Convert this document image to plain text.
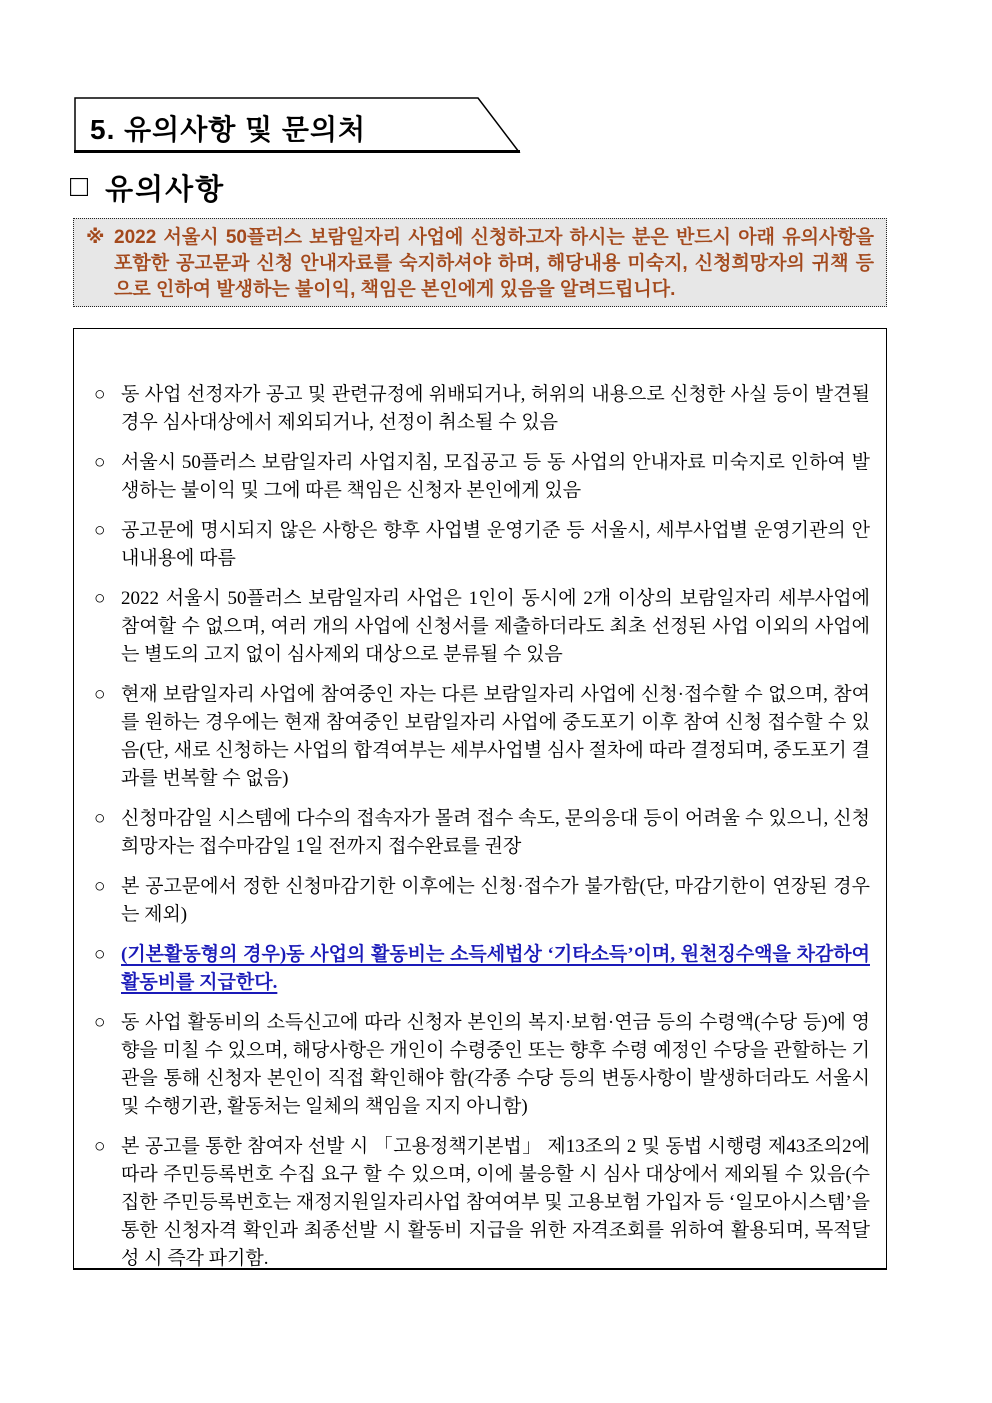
5. 유의사항 및 문의처
□ 유의사항
※ 2022 서울시 50플러스 보람일자리 사업에 신청하고자 하시는 분은 반드시 아래 유의사항을 포함한 공고문과 신청 안내자료를 숙지하셔야 하며, 해당내용 미숙지, 신청희망자의 귀책 등으로 인하여 발생하는 불이익, 책임은 본인에게 있음을 알려드립니다.
○ 동 사업 선정자가 공고 및 관련규정에 위배되거나, 허위의 내용으로 신청한 사실 등이 발견될 경우 심사대상에서 제외되거나, 선정이 취소될 수 있음
○ 서울시 50플러스 보람일자리 사업지침, 모집공고 등 동 사업의 안내자료 미숙지로 인하여 발생하는 불이익 및 그에 따른 책임은 신청자 본인에게 있음
○ 공고문에 명시되지 않은 사항은 향후 사업별 운영기준 등 서울시, 세부사업별 운영기관의 안내내용에 따름
○ 2022 서울시 50플러스 보람일자리 사업은 1인이 동시에 2개 이상의 보람일자리 세부사업에 참여할 수 없으며, 여러 개의 사업에 신청서를 제출하더라도 최초 선정된 사업 이외의 사업에는 별도의 고지 없이 심사제외 대상으로 분류될 수 있음
○ 현재 보람일자리 사업에 참여중인 자는 다른 보람일자리 사업에 신청·접수할 수 없으며, 참여를 원하는 경우에는 현재 참여중인 보람일자리 사업에 중도포기 이후 참여 신청 접수할 수 있음(단, 새로 신청하는 사업의 합격여부는 세부사업별 심사 절차에 따라 결정되며, 중도포기 결과를 번복할 수 없음)
○ 신청마감일 시스템에 다수의 접속자가 몰려 접수 속도, 문의응대 등이 어려울 수 있으니, 신청희망자는 접수마감일 1일 전까지 접수완료를 권장
○ 본 공고문에서 정한 신청마감기한 이후에는 신청·접수가 불가함(단, 마감기한이 연장된 경우는 제외)
○ (기본활동형의 경우)동 사업의 활동비는 소득세법상 ‘기타소득’이며, 원천징수액을 차감하여 활동비를 지급한다.
○ 동 사업 활동비의 소득신고에 따라 신청자 본인의 복지·보험·연금 등의 수령액(수당 등)에 영향을 미칠 수 있으며, 해당사항은 개인이 수령중인 또는 향후 수령 예정인 수당을 관할하는 기관을 통해 신청자 본인이 직접 확인해야 함(각종 수당 등의 변동사항이 발생하더라도 서울시 및 수행기관, 활동처는 일체의 책임을 지지 아니함)
○ 본 공고를 통한 참여자 선발 시 「고용정책기본법」 제13조의 2 및 동법 시행령 제43조의2에 따라 주민등록번호 수집 요구 할 수 있으며, 이에 불응할 시 심사 대상에서 제외될 수 있음(수집한 주민등록번호는 재정지원일자리사업 참여여부 및 고용보험 가입자 등 ‘일모아시스템’을 통한 신청자격 확인과 최종선발 시 활동비 지급을 위한 자격조회를 위하여 활용되며, 목적달성 시 즉각 파기함.
